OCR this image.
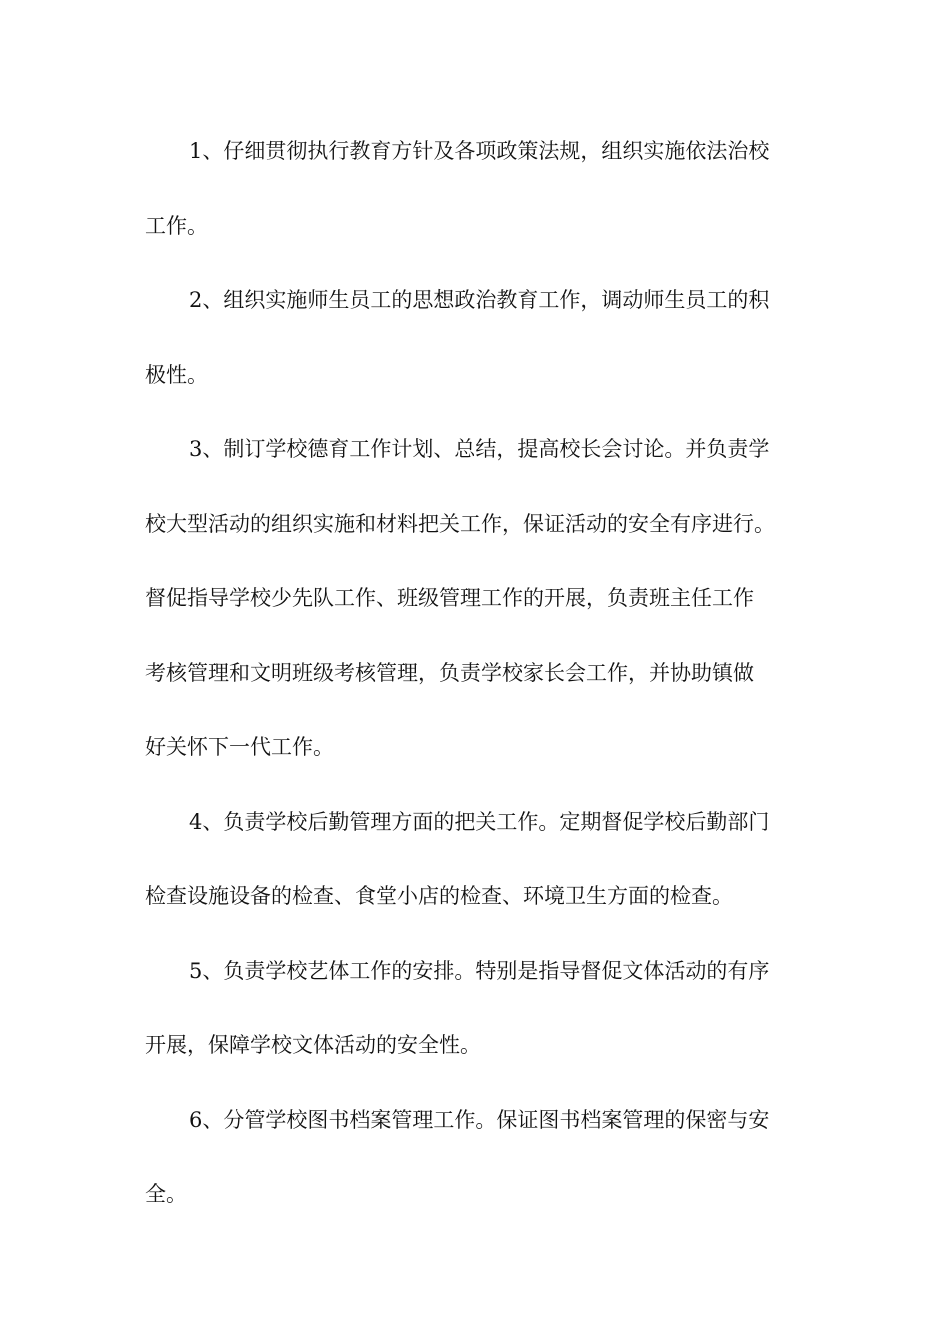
1、仔细贯彻执行教育方针及各项政策法规，组织实施依法治校
工作。
2、组织实施师生员工的思想政治教育工作，调动师生员工的积
极性。
3、制订学校德育工作计划、总结，提高校长会讨论。并负责学
校大型活动的组织实施和材料把关工作，保证活动的安全有序进行。
督促指导学校少先队工作、班级管理工作的开展，负责班主任工作
考核管理和文明班级考核管理，负责学校家长会工作，并协助镇做
好关怀下一代工作。
4、负责学校后勤管理方面的把关工作。定期督促学校后勤部门
检查设施设备的检查、食堂小店的检查、环境卫生方面的检查。
5、负责学校艺体工作的安排。特别是指导督促文体活动的有序
开展，保障学校文体活动的安全性。
6、分管学校图书档案管理工作。保证图书档案管理的保密与安
全。
